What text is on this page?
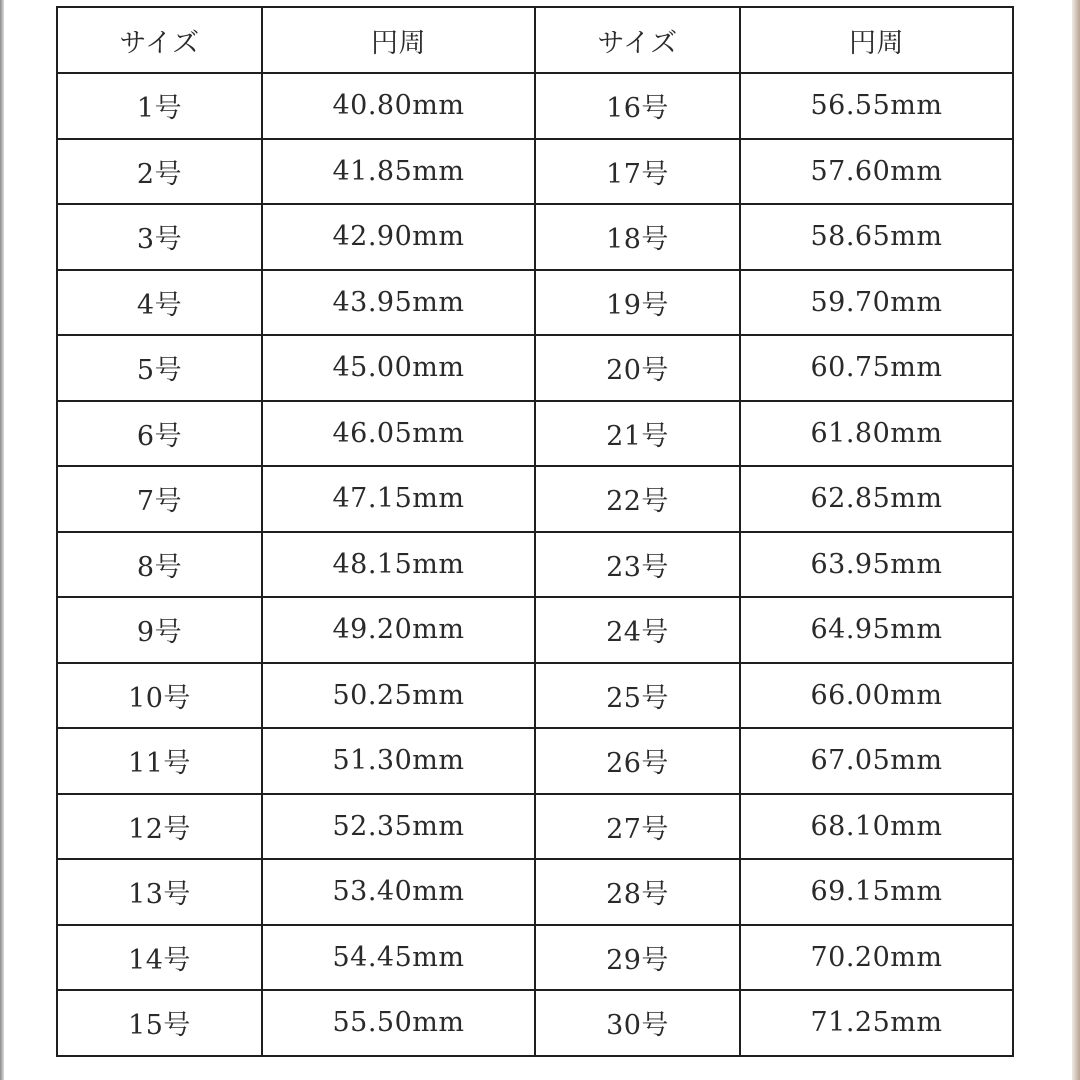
サイズ	円周	サイズ	円周
1号	40.80mm	16号	56.55mm
2号	41.85mm	17号	57.60mm
3号	42.90mm	18号	58.65mm
4号	43.95mm	19号	59.70mm
5号	45.00mm	20号	60.75mm
6号	46.05mm	21号	61.80mm
7号	47.15mm	22号	62.85mm
8号	48.15mm	23号	63.95mm
9号	49.20mm	24号	64.95mm
10号	50.25mm	25号	66.00mm
11号	51.30mm	26号	67.05mm
12号	52.35mm	27号	68.10mm
13号	53.40mm	28号	69.15mm
14号	54.45mm	29号	70.20mm
15号	55.50mm	30号	71.25mm
